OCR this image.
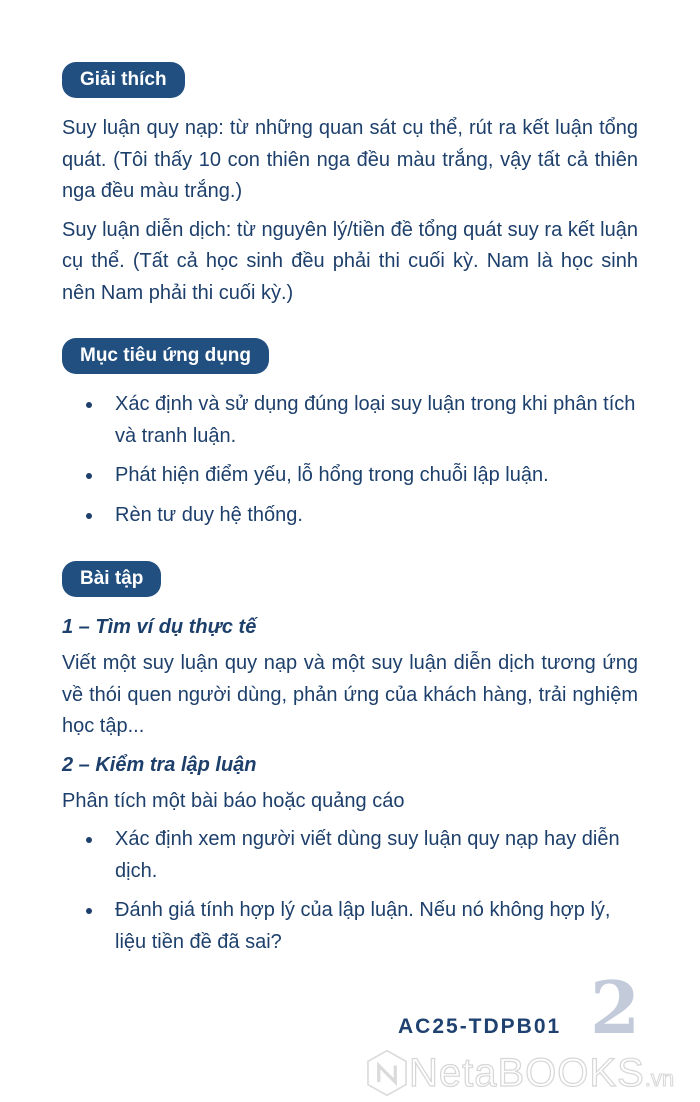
Giải thích

Suy luận quy nạp: từ những quan sát cụ thể, rút ra kết luận tổng quát. (Tôi thấy 10 con thiên nga đều màu trắng, vậy tất cả thiên nga đều màu trắng.)

Suy luận diễn dịch: từ nguyên lý/tiền đề tổng quát suy ra kết luận cụ thể. (Tất cả học sinh đều phải thi cuối kỳ. Nam là học sinh nên Nam phải thi cuối kỳ.)

Mục tiêu ứng dụng
Xác định và sử dụng đúng loại suy luận trong khi phân tích và tranh luận.
Phát hiện điểm yếu, lỗ hổng trong chuỗi lập luận.
Rèn tư duy hệ thống.
Bài tập
1 – Tìm ví dụ thực tế

Viết một suy luận quy nạp và một suy luận diễn dịch tương ứng về thói quen người dùng, phản ứng của khách hàng, trải nghiệm học tập...

2 – Kiểm tra lập luận

Phân tích một bài báo hoặc quảng cáo

Xác định xem người viết dùng suy luận quy nạp hay diễn dịch.
Đánh giá tính hợp lý của lập luận. Nếu nó không hợp lý, liệu tiền đề đã sai?
2
AC25-TDPB01
NetaBOOKS .vn
